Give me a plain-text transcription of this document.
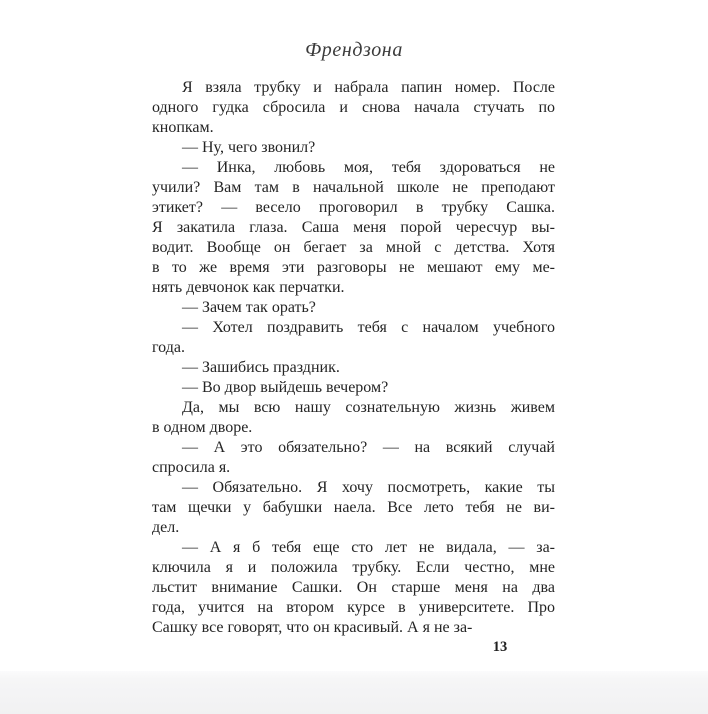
Френдзона
Я взяла трубку и набрала папин номер. После
одного гудка сбросила и снова начала стучать по
кнопкам.
— Ну, чего звонил?
— Инка, любовь моя, тебя здороваться не
учили? Вам там в начальной школе не преподают
этикет? — весело проговорил в трубку Сашка.
Я закатила глаза. Саша меня порой чересчур вы-
водит. Вообще он бегает за мной с детства. Хотя
в то же время эти разговоры не мешают ему ме-
нять девчонок как перчатки.
— Зачем так орать?
— Хотел поздравить тебя с началом учебного
года.
— Зашибись праздник.
— Во двор выйдешь вечером?
Да, мы всю нашу сознательную жизнь живем
в одном дворе.
— А это обязательно? — на всякий случай
спросила я.
— Обязательно. Я хочу посмотреть, какие ты
там щечки у бабушки наела. Все лето тебя не ви-
дел.
— А я б тебя еще сто лет не видала, — за-
ключила я и положила трубку. Если честно, мне
льстит внимание Сашки. Он старше меня на два
года, учится на втором курсе в университете. Про
Сашку все говорят, что он красивый. А я не за-
13
